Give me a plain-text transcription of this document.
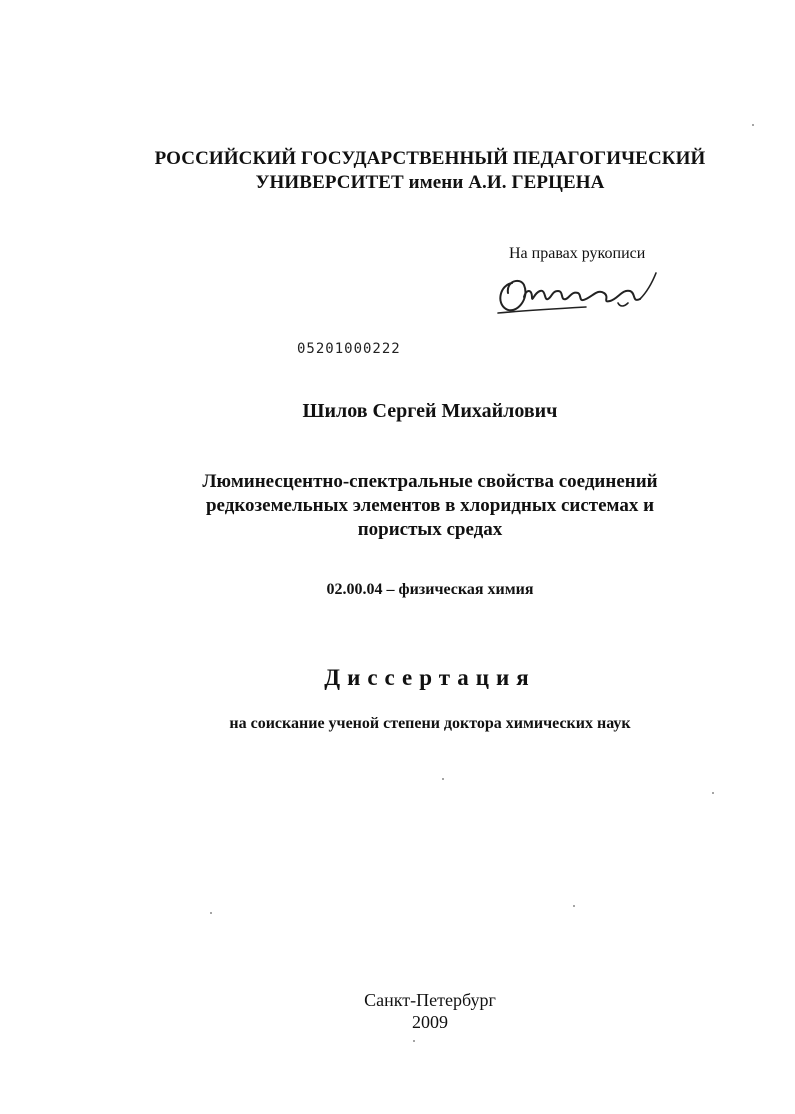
РОССИЙСКИЙ ГОСУДАРСТВЕННЫЙ ПЕДАГОГИЧЕСКИЙ
УНИВЕРСИТЕТ имени А.И. ГЕРЦЕНА
На правах рукописи
05201000222
Шилов Сергей Михайлович
Люминесцентно-спектральные свойства соединений
редкоземельных элементов в хлоридных системах и
пористых средах
02.00.04 – физическая химия
Диссертация
на соискание ученой степени доктора химических наук
Санкт-Петербург
2009
